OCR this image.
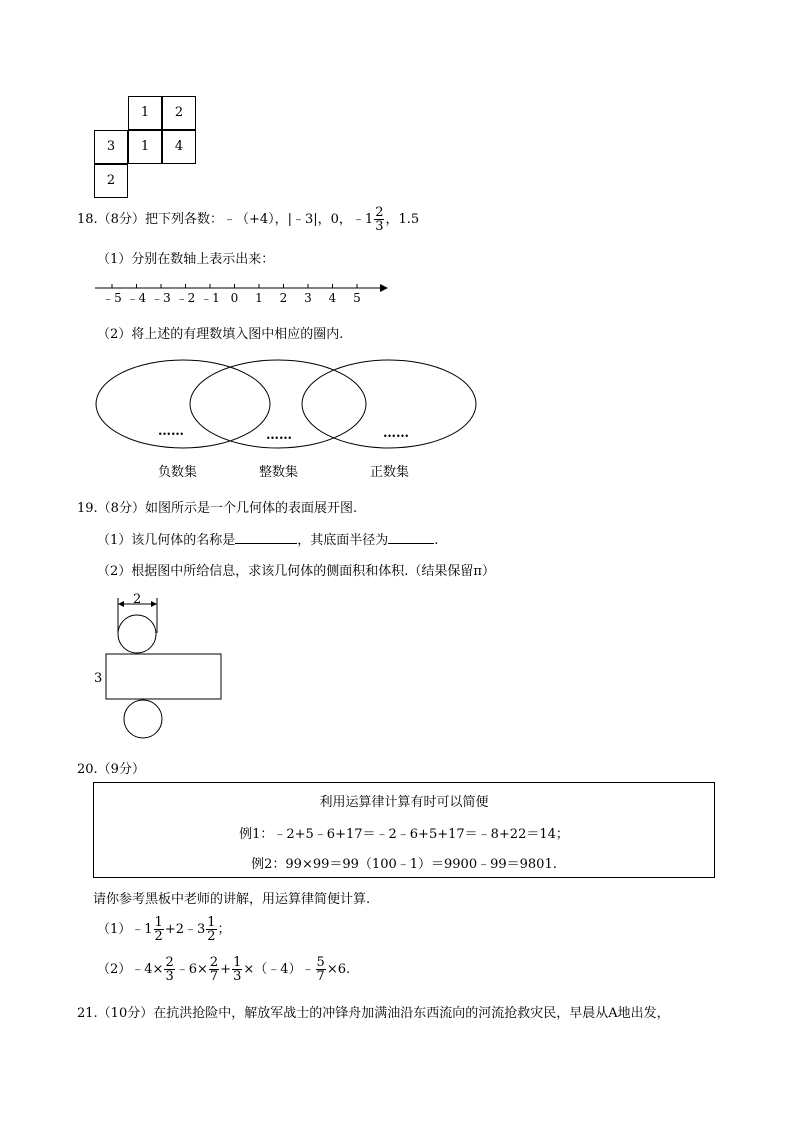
1	2
3	1	4
2
18.（8分）把下列各数：﹣（+4），|﹣3|，0，﹣1 $\frac{2}{3}$ ，1.5
（1）分别在数轴上表示出来：
﹣5 ﹣4 ﹣3 ﹣2 ﹣1 0 1 2 3 4 5
（2）将上述的有理数填入图中相应的圈内.
……	……	……
负数集	整数集	正数集
19.（8分）如图所示是一个几何体的表面展开图.
（1）该几何体的名称是	，其底面半径为	.
（2）根据图中所给信息，求该几何体的侧面积和体积.（结果保留π）
2
3
20.（9分）
利用运算律计算有时可以简便
例1：﹣2+5﹣6+17＝﹣2﹣6+5+17＝﹣8+22＝14；
例2：99×99＝99（100﹣1）＝9900﹣99＝9801.
请你参考黑板中老师的讲解，用运算律简便计算.
（1）﹣1 $\frac{1}{2}$ +2﹣3 $\frac{1}{2}$ ；
（2）﹣4× $\frac{2}{3}$ ﹣6× $\frac{2}{7} + \frac{1}{3}$ ×（﹣4）﹣ $\frac{5}{7} \times 6$.
21.（10分）在抗洪抢险中，解放军战士的冲锋舟加满油沿东西流向的河流抢救灾民，早晨从A地出发，
